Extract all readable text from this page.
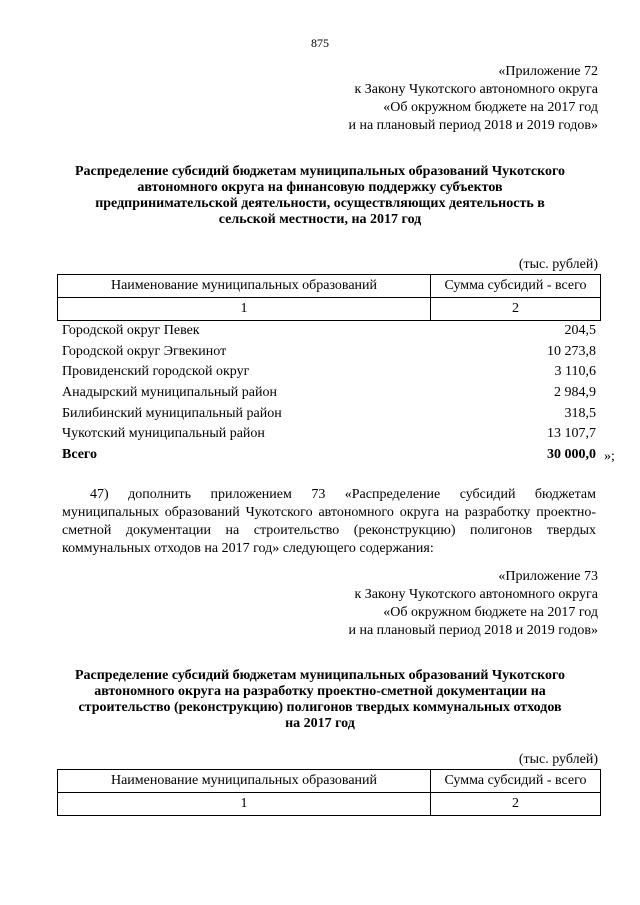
875
«Приложение 72
к Закону Чукотского автономного округа
«Об окружном бюджете на 2017 год
и на плановый период 2018 и 2019 годов»
Распределение субсидий бюджетам муниципальных образований Чукотского автономного округа на финансовую поддержку субъектов предпринимательской деятельности, осуществляющих деятельность в сельской местности, на 2017 год
(тыс. рублей)
Наименование муниципальных образований	Сумма субсидий - всего
1	2
Городской округ Певек	204,5
Городской округ Эгвекинот	10 273,8
Провиденский городской округ	3 110,6
Анадырский муниципальный район	2 984,9
Билибинский муниципальный район	318,5
Чукотский муниципальный район	13 107,7
Всего	30 000,0 »;

47) дополнить приложением 73 «Распределение субсидий бюджетам муниципальных образований Чукотского автономного округа на разработку проектно-сметной документации на строительство (реконструкцию) полигонов твердых коммунальных отходов на 2017 год» следующего содержания:

«Приложение 73
к Закону Чукотского автономного округа
«Об окружном бюджете на 2017 год
и на плановый период 2018 и 2019 годов»
Распределение субсидий бюджетам муниципальных образований Чукотского автономного округа на разработку проектно-сметной документации на строительство (реконструкцию) полигонов твердых коммунальных отходов на 2017 год
(тыс. рублей)
Наименование муниципальных образований	Сумма субсидий - всего
1	2
